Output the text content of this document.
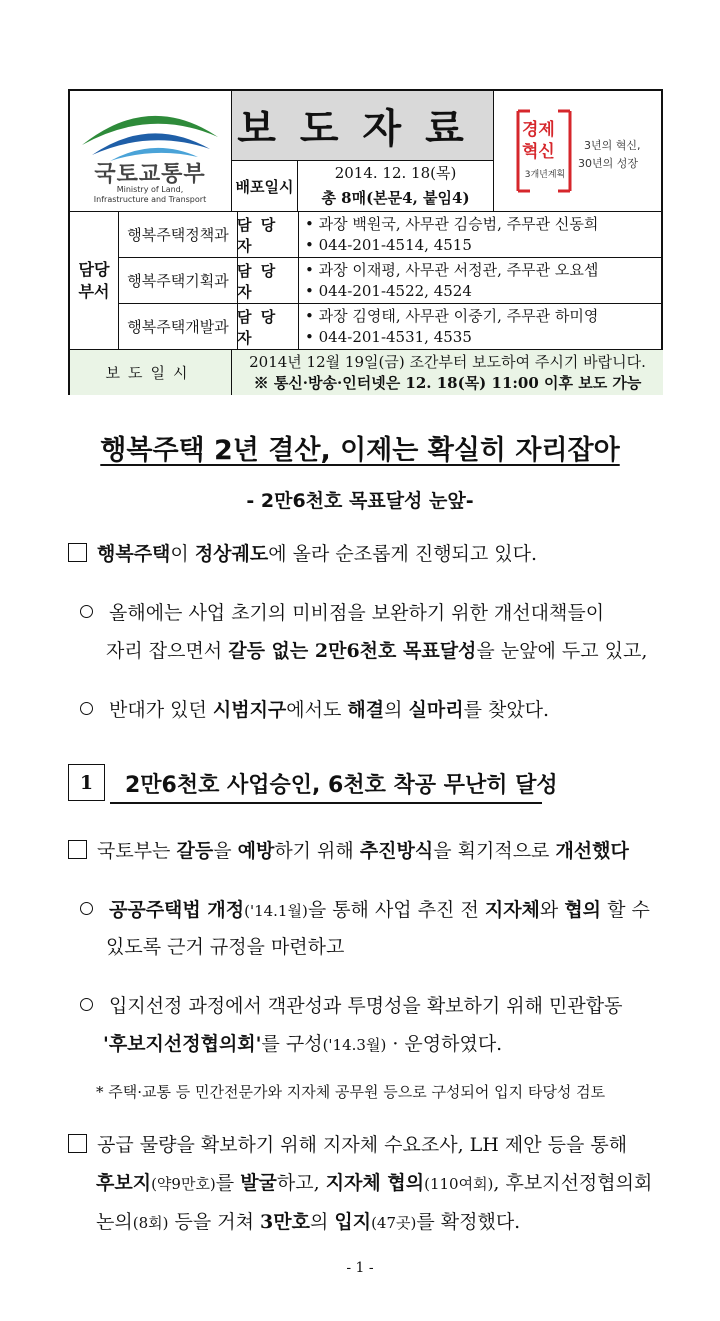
국토교통부
Ministry of Land,
Infrastructure and Transport
보도자료	경제혁신
3개년계획
3년의 혁신,
30년의 성장
배포일시
2014. 12. 18(목)
총 8매(본문4, 붙임4)
담당 부서
행복주택정책과
담 당 자
• 과장 백원국, 사무관 김승범, 주무관 신동희
• 044-201-4514, 4515
행복주택기획과
담 당 자
• 과장 이재평, 사무관 서정관, 주무관 오요셉
• 044-201-4522, 4524
행복주택개발과
담 당 자
• 과장 김영태, 사무관 이중기, 주무관 하미영
• 044-201-4531, 4535
보도일시
2014년 12월 19일(금) 조간부터 보도하여 주시기 바랍니다.
※ 통신·방송·인터넷은 12. 18(목) 11:00 이후 보도 가능
행복주택 2년 결산, 이제는 확실히 자리잡아
- 2만6천호 목표달성 눈앞-
행복주택이 정상궤도에 올라 순조롭게 진행되고 있다.
올해에는 사업 초기의 미비점을 보완하기 위한 개선대책들이
자리 잡으면서 갈등 없는 2만6천호 목표달성을 눈앞에 두고 있고,
반대가 있던 시범지구에서도 해결의 실마리를 찾았다.
1	2만6천호 사업승인, 6천호 착공 무난히 달성
국토부는 갈등을 예방하기 위해 추진방식을 획기적으로 개선했다
공공주택법 개정('14.1월)을 통해 사업 추진 전 지자체와 협의 할 수
있도록 근거 규정을 마련하고
입지선정 과정에서 객관성과 투명성을 확보하기 위해 민관합동
'후보지선정협의회'를 구성('14.3월) · 운영하였다.
* 주택·교통 등 민간전문가와 지자체 공무원 등으로 구성되어 입지 타당성 검토
공급 물량을 확보하기 위해 지자체 수요조사, LH 제안 등을 통해
후보지(약9만호)를 발굴하고, 지자체 협의(110여회), 후보지선정협의회
논의(8회) 등을 거쳐 3만호의 입지(47곳)를 확정했다.
- 1 -
